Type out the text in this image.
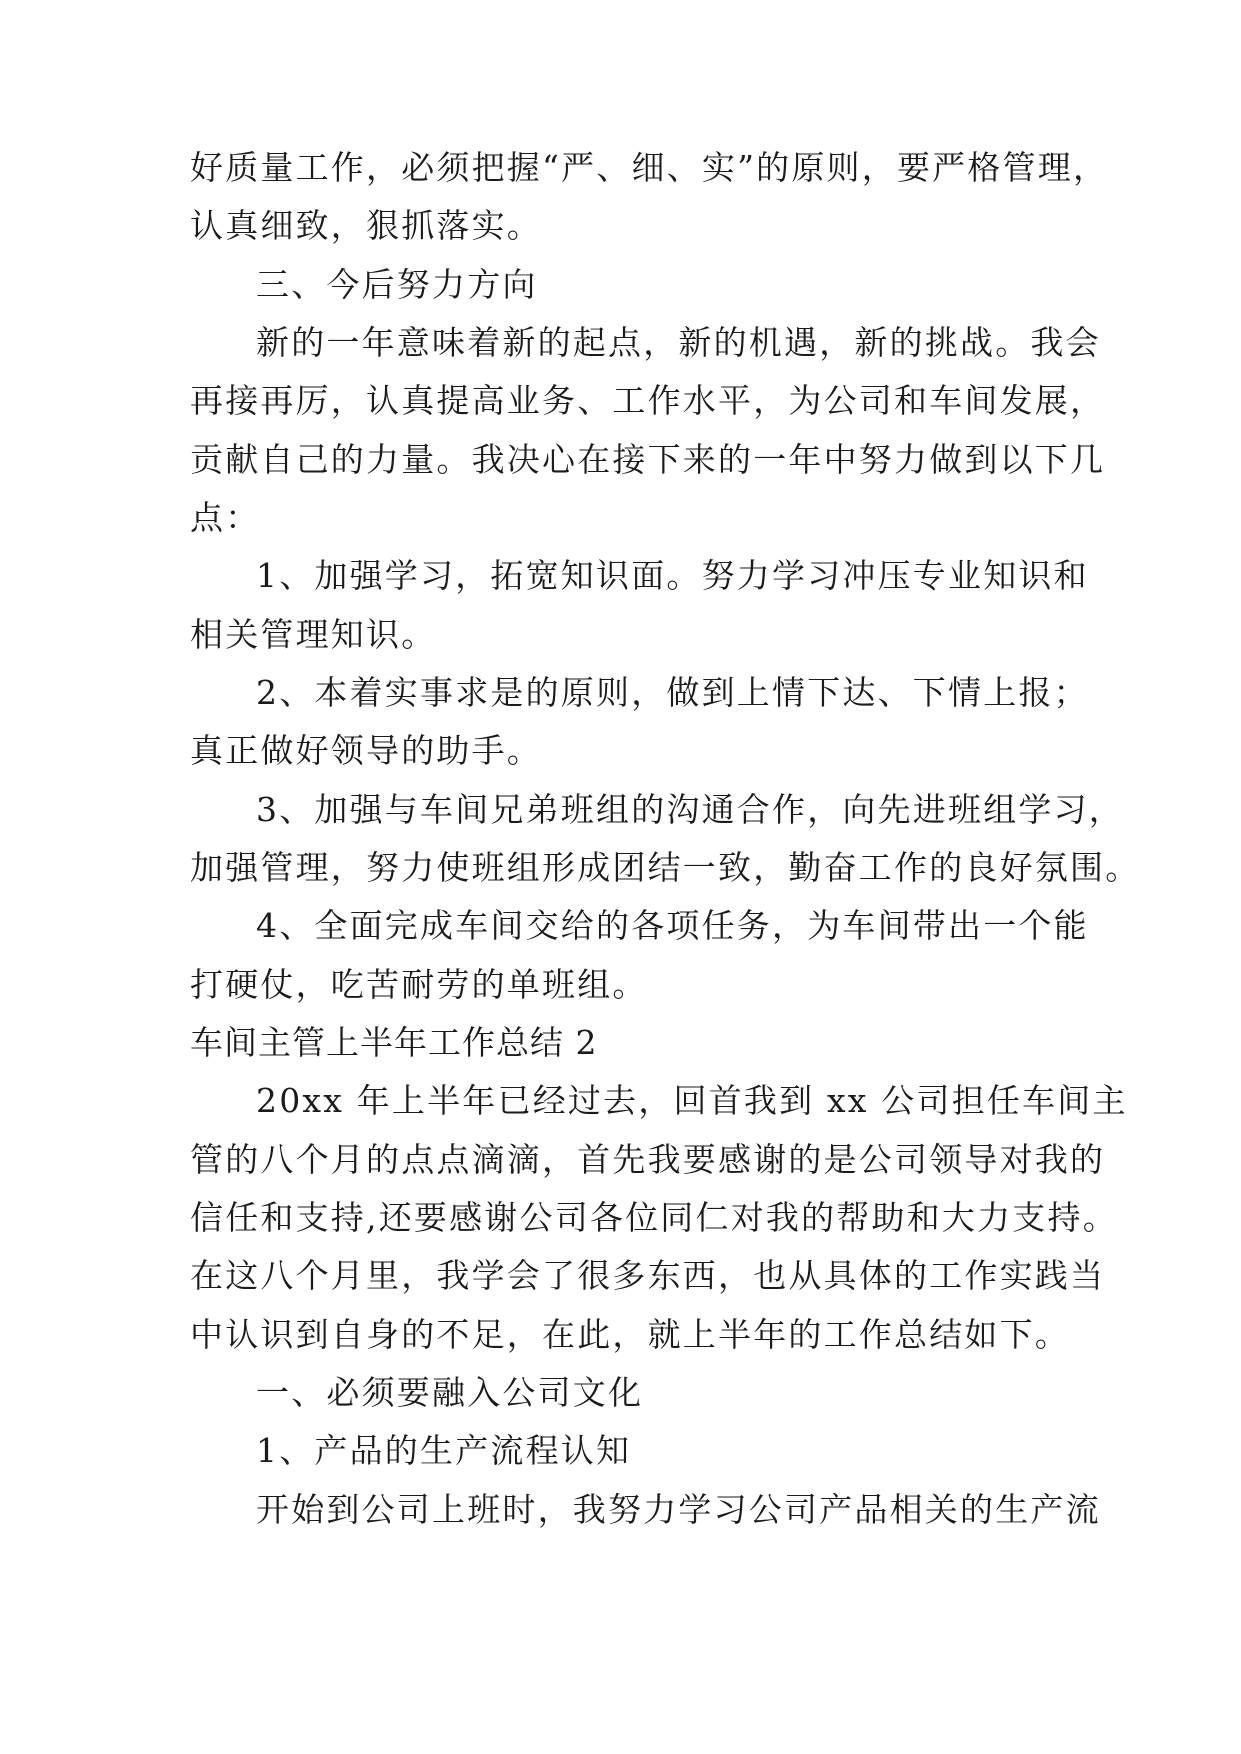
好质量工作，必须把握“严、细、实”的原则，要严格管理，

认真细致，狠抓落实。

三、今后努力方向

新的一年意味着新的起点，新的机遇，新的挑战。我会

再接再厉，认真提高业务、工作水平，为公司和车间发展，

贡献自己的力量。我决心在接下来的一年中努力做到以下几

点：

1、加强学习，拓宽知识面。努力学习冲压专业知识和

相关管理知识。

2、本着实事求是的原则，做到上情下达、下情上报；

真正做好领导的助手。

3、加强与车间兄弟班组的沟通合作，向先进班组学习，

加强管理，努力使班组形成团结一致，勤奋工作的良好氛围。

4、全面完成车间交给的各项任务，为车间带出一个能

打硬仗，吃苦耐劳的单班组。

车间主管上半年工作总结 2

20xx 年上半年已经过去，回首我到 xx 公司担任车间主

管的八个月的点点滴滴，首先我要感谢的是公司领导对我的

信任和支持,还要感谢公司各位同仁对我的帮助和大力支持。

在这八个月里，我学会了很多东西，也从具体的工作实践当

中认识到自身的不足，在此，就上半年的工作总结如下。

一、必须要融入公司文化

1、产品的生产流程认知

开始到公司上班时，我努力学习公司产品相关的生产流
